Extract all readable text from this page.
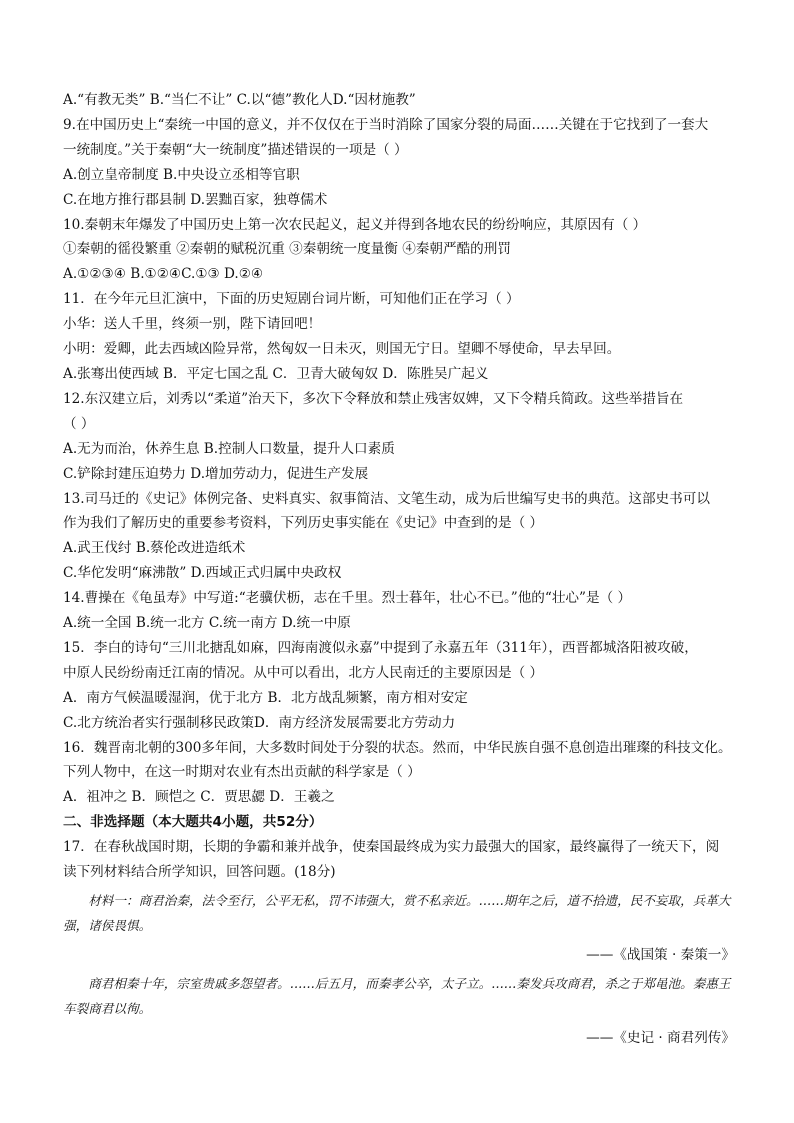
A.“有教无类” B.“当仁不让” C.以“德”教化人D.“因材施教”
9.在中国历史上“秦统一中国的意义，并不仅仅在于当时消除了国家分裂的局面……关键在于它找到了一套大
一统制度。”关于秦朝“大一统制度”描述错误的一项是（ ）
A.创立皇帝制度 B.中央设立丞相等官职
C.在地方推行郡县制 D.罢黜百家，独尊儒术
10.秦朝末年爆发了中国历史上第一次农民起义，起义并得到各地农民的纷纷响应，其原因有（ ）
①秦朝的徭役繁重 ②秦朝的赋税沉重 ③秦朝统一度量衡 ④秦朝严酷的刑罚
A.①②③④ B.①②④C.①③ D.②④
11．在今年元旦汇演中，下面的历史短剧台词片断，可知他们正在学习（ ）
小华：送人千里，终须一别，陛下请回吧！
小明：爱卿，此去西域凶险异常，然匈奴一日未灭，则国无宁日。望卿不辱使命，早去早回。
A.张骞出使西域 B．平定七国之乱 C．卫青大破匈奴 D．陈胜吴广起义
12.东汉建立后，刘秀以“柔道”治天下，多次下令释放和禁止残害奴婢，又下令精兵简政。这些举措旨在
（ ）
A.无为而治，休养生息 B.控制人口数量，提升人口素质
C.铲除封建压迫势力 D.增加劳动力，促进生产发展
13.司马迁的《史记》体例完备、史料真实、叙事简洁、文笔生动，成为后世编写史书的典范。这部史书可以
作为我们了解历史的重要参考资料，下列历史事实能在《史记》中查到的是（ ）
A.武王伐纣 B.蔡伦改进造纸术
C.华佗发明“麻沸散” D.西域正式归属中央政权
14.曹操在《龟虽寿》中写道:“老骥伏枥，志在千里。烈士暮年，壮心不已。”他的“壮心”是（ ）
A.统一全国 B.统一北方 C.统一南方 D.统一中原
15．李白的诗句“三川北搪乱如麻，四海南渡似永嘉”中提到了永嘉五年（311年），西晋都城洛阳被攻破，
中原人民纷纷南迁江南的情况。从中可以看出，北方人民南迁的主要原因是（ ）
A．南方气候温暖湿润，优于北方 B．北方战乱频繁，南方相对安定
C.北方统治者实行强制移民政策D．南方经济发展需要北方劳动力
16．魏晋南北朝的300多年间，大多数时间处于分裂的状态。然而，中华民族自强不息创造出璀璨的科技文化。
下列人物中，在这一时期对农业有杰出贡献的科学家是（ ）
A．祖冲之 B．顾恺之 C．贾思勰 D．王羲之
二、非选择题（本大题共4小题，共52分）
17．在春秋战国时期，长期的争霸和兼并战争，使秦国最终成为实力最强大的国家，最终赢得了一统天下，阅
读下列材料结合所学知识，回答问题。(18分)
材料一：商君治秦，法令至行，公平无私，罚不讳强大，赏不私亲近。……期年之后，道不拾遗，民不妄取，兵革大强，诸侯畏惧。
——《战国策 · 秦策一》
商君相秦十年，宗室贵戚多怨望者。……后五月，而秦孝公卒，太子立。……秦发兵攻商君，杀之于郑黾池。秦惠王车裂商君以徇。
——《史记 · 商君列传》
